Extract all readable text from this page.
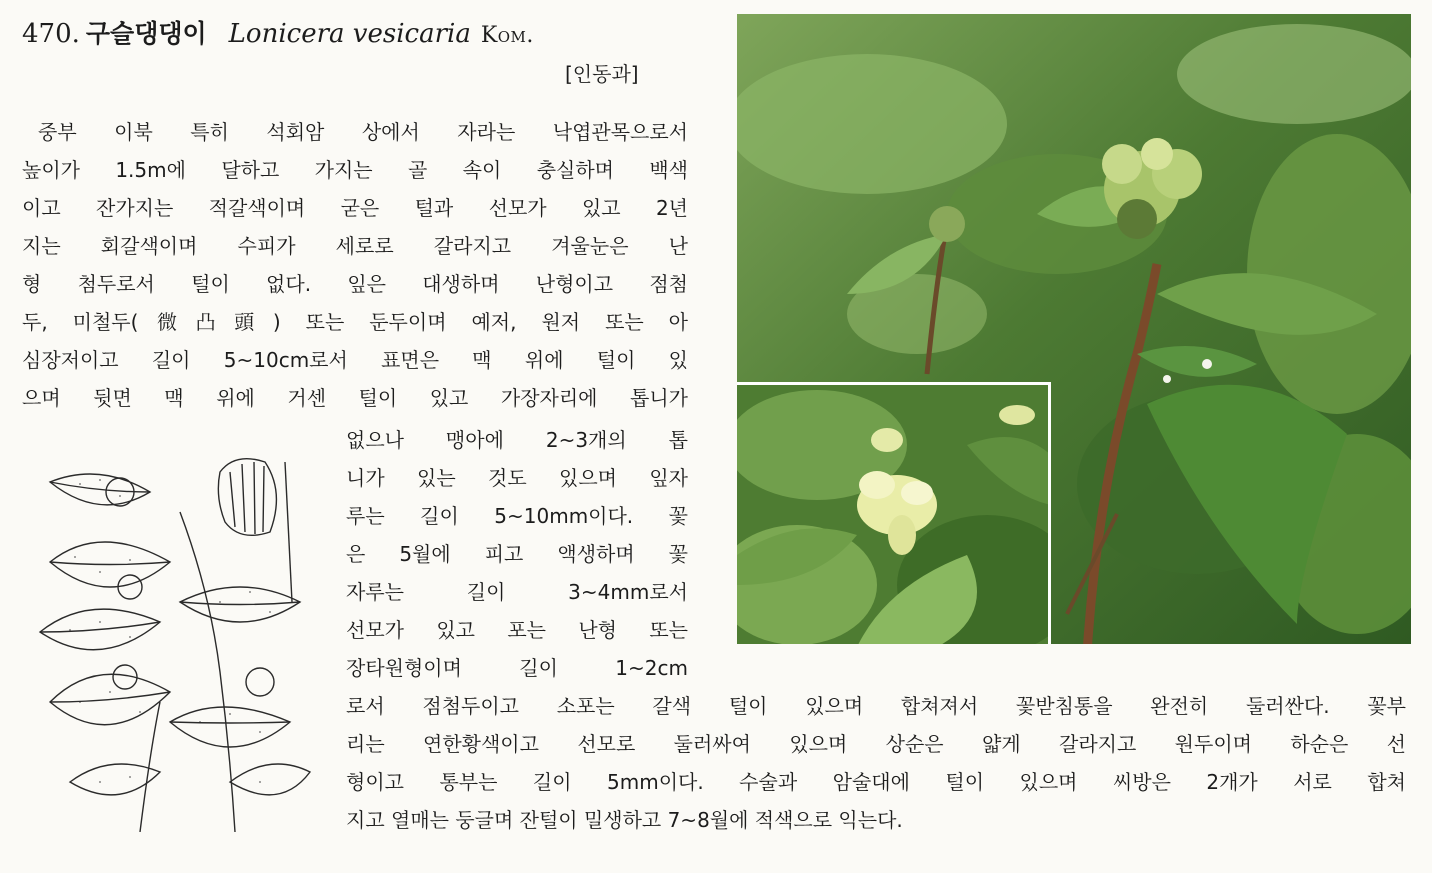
470. 구슬댕댕이 Lonicera vesicaria Kom.
[인동과]
중부 이북 특히 석회암 상에서 자라는 낙엽관목으로서
높이가 1.5m에 달하고 가지는 골 속이 충실하며 백색
이고 잔가지는 적갈색이며 굳은 털과 선모가 있고 2년
지는 회갈색이며 수피가 세로로 갈라지고 겨울눈은 난
형 첨두로서 털이 없다. 잎은 대생하며 난형이고 점첨
두, 미철두(微凸頭) 또는 둔두이며 예저, 원저 또는 아
심장저이고 길이 5~10cm로서 표면은 맥 위에 털이 있
으며 뒷면 맥 위에 거센 털이 있고 가장자리에 톱니가
없으나 맹아에 2~3개의 톱
니가 있는 것도 있으며 잎자
루는 길이 5~10mm이다. 꽃
은 5월에 피고 액생하며 꽃
자루는 길이 3~4mm로서
선모가 있고 포는 난형 또는
장타원형이며 길이 1~2cm
로서 점첨두이고 소포는 갈색 털이 있으며 합쳐져서 꽃받침통을 완전히 둘러싼다. 꽃부
리는 연한황색이고 선모로 둘러싸여 있으며 상순은 얇게 갈라지고 원두이며 하순은 선
형이고 통부는 길이 5mm이다. 수술과 암술대에 털이 있으며 씨방은 2개가 서로 합쳐
지고 열매는 둥글며 잔털이 밀생하고 7~8월에 적색으로 익는다.
